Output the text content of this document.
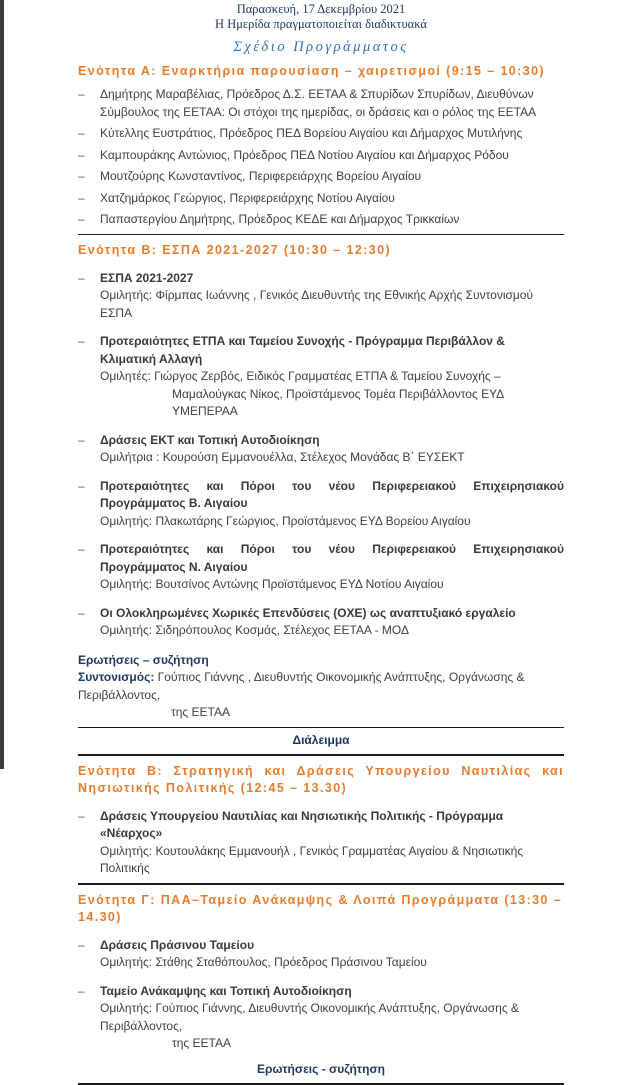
Παρασκευή, 17 Δεκεμβρίου 2021
Η Ημερίδα πραγματοποιείται διαδικτυακά
Σχέδιο Προγράμματος
Ενότητα Α: Εναρκτήρια παρουσίαση – χαιρετισμοί (9:15 – 10:30)
– Δημήτρης Μαραβέλιας, Πρόεδρος Δ.Σ. ΕΕΤΑΑ & Σπυρίδων Σπυρίδων, Διευθύνων Σύμβουλος της ΕΕΤΑΑ: Οι στόχοι της ημερίδας, οι δράσεις και ο ρόλος της ΕΕΤΑΑ
– Κύτελλης Ευστράτιος, Πρόεδρος ΠΕΔ Βορείου Αιγαίου και Δήμαρχος Μυτιλήνης
– Καμπουράκης Αντώνιος, Πρόεδρος ΠΕΔ Νοτίου Αιγαίου και Δήμαρχος Ρόδου
– Μουτζούρης Κωνσταντίνος, Περιφερειάρχης Βορείου Αιγαίου
– Χατζημάρκος Γεώργιος, Περιφερειάρχης Νοτίου Αιγαίου
– Παπαστεργίου Δημήτρης, Πρόεδρος ΚΕΔΕ και Δήμαρχος Τρικκαίων
Ενότητα Β: ΕΣΠΑ 2021-2027 (10:30 – 12:30)
– ΕΣΠΑ 2021-2027
Ομιλητής: Φίρμπας Ιωάννης , Γενικός Διευθυντής της Εθνικής Αρχής Συντονισμού ΕΣΠΑ
– Προτεραιότητες ΕΤΠΑ και Ταμείου Συνοχής - Πρόγραμμα Περιβάλλον & Κλιματική Αλλαγή
Ομιλητές: Γιώργος Ζερβός, Ειδικός Γραμματέας ΕΤΠΑ & Ταμείου Συνοχής –
Μαμαλούγκας Νίκος, Προϊστάμενος Τομέα Περιβάλλοντος ΕΥΔ ΥΜΕΠΕΡΑΑ
– Δράσεις ΕΚΤ και Τοπική Αυτοδιοίκηση
Ομιλήτρια : Κουρούση Εμμανουέλλα, Στέλεχος Μονάδας Β΄ ΕΥΣΕΚΤ
– Προτεραιότητες και Πόροι του νέου Περιφερειακού Επιχειρησιακού Προγράμματος Β. Αιγαίου
Ομιλητής: Πλακωτάρης Γεώργιος, Προϊστάμενος ΕΥΔ Βορείου Αιγαίου
– Προτεραιότητες και Πόροι του νέου Περιφερειακού Επιχειρησιακού Προγράμματος Ν. Αιγαίου
Ομιλητής: Βουτσίνος Αντώνης Προϊστάμενος ΕΥΔ Νοτίου Αιγαίου
– Οι Ολοκληρωμένες Χωρικές Επενδύσεις (ΟΧΕ) ως αναπτυξιακό εργαλείο
Ομιλητής: Σιδηρόπουλος Κοσμάς, Στέλεχος ΕΕΤΑΑ - ΜΟΔ
Ερωτήσεις – συζήτηση
Συντονισμός: Γούπιος Γιάννης , Διευθυντής Οικονομικής Ανάπτυξης, Οργάνωσης & Περιβάλλοντος,
της ΕΕΤΑΑ
Διάλειμμα
Ενότητα Β: Στρατηγική και Δράσεις Υπουργείου Ναυτιλίας και Νησιωτικής Πολιτικής (12:45 – 13.30)
– Δράσεις Υπουργείου Ναυτιλίας και Νησιωτικής Πολιτικής - Πρόγραμμα «Νέαρχος»
Ομιλητής: Κουτουλάκης Εμμανουήλ , Γενικός Γραμματέας Αιγαίου & Νησιωτικής Πολιτικής
Ενότητα Γ: ΠΑΑ–Ταμείο Ανάκαμψης & Λοιπά Προγράμματα (13:30 – 14.30)
– Δράσεις Πράσινου Ταμείου
Ομιλητής: Στάθης Σταθόπουλος, Πρόεδρος Πράσινου Ταμείου
– Ταμείο Ανάκαμψης και Τοπική Αυτοδιοίκηση
Ομιλητής: Γούπιος Γιάννης, Διευθυντής Οικονομικής Ανάπτυξης, Οργάνωσης & Περιβάλλοντος,
της ΕΕΤΑΑ
Ερωτήσεις - συζήτηση
